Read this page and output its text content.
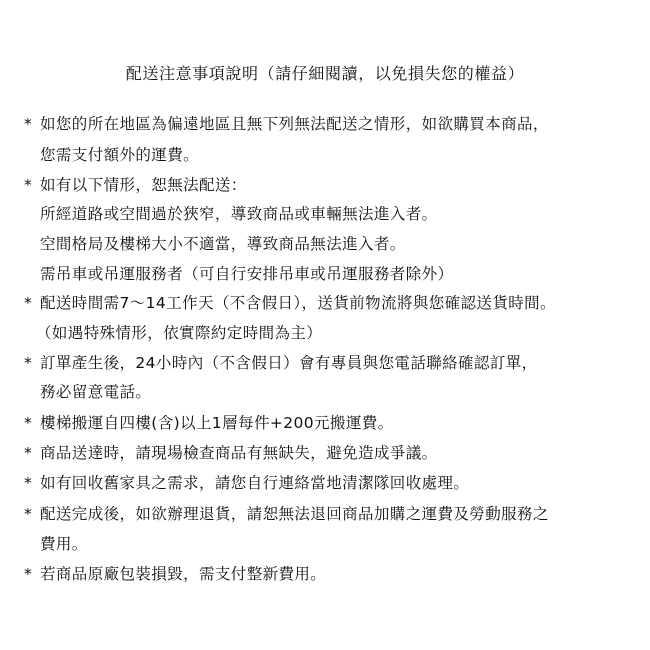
配送注意事項說明（請仔細閱讀，以免損失您的權益）
* 如您的所在地區為偏遠地區且無下列無法配送之情形，如欲購買本商品，
您需支付額外的運費。
* 如有以下情形，恕無法配送：
所經道路或空間過於狹窄，導致商品或車輛無法進入者。
空間格局及樓梯大小不適當，導致商品無法進入者。
需吊車或吊運服務者（可自行安排吊車或吊運服務者除外）
* 配送時間需7～14工作天（不含假日），送貨前物流將與您確認送貨時間。
（如遇特殊情形，依實際約定時間為主）
* 訂單產生後，24小時內（不含假日）會有專員與您電話聯絡確認訂單，
務必留意電話。
* 樓梯搬運自四樓(含)以上1層每件+200元搬運費。
* 商品送達時，請現場檢查商品有無缺失，避免造成爭議。
* 如有回收舊家具之需求，請您自行連絡當地清潔隊回收處理。
* 配送完成後，如欲辦理退貨，請恕無法退回商品加購之運費及勞動服務之
費用。
* 若商品原廠包裝損毀，需支付整新費用。
